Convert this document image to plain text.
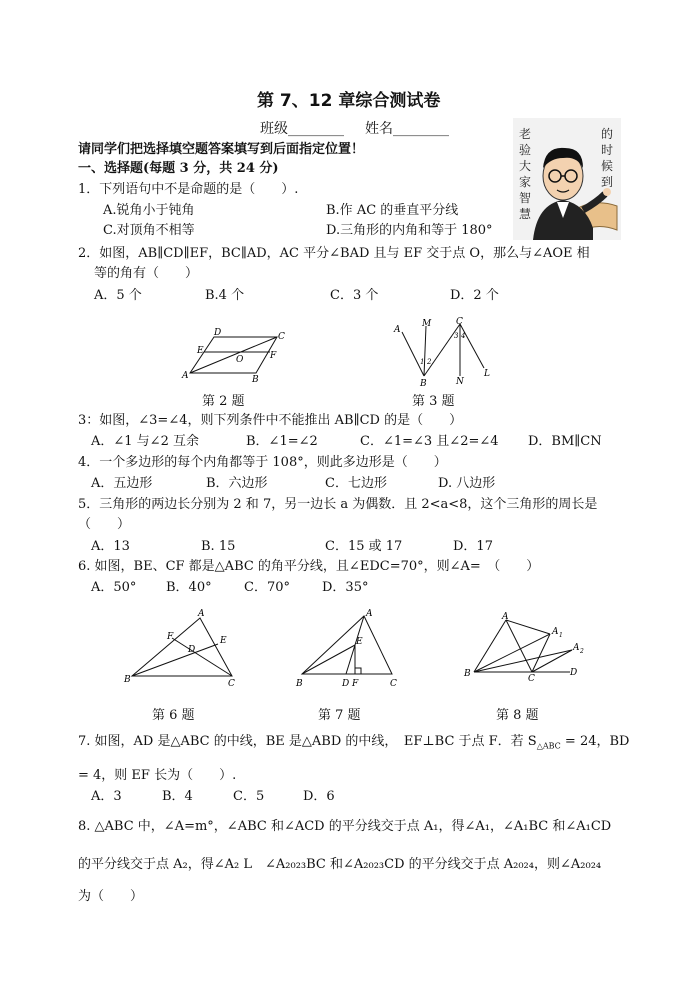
第 7、12 章综合测试卷
班级________ 姓名________	老
验
大
家
智
慧
的
时
候
到
请同学们把选择填空题答案填写到后面指定位置！
一、选择题(每题 3 分，共 24 分)
1．下列语句中不是命题的是（　　）.
A.锐角小于钝角	B.作 AC 的垂直平分线
C.对顶角不相等	D.三角形的内角和等于 180°
2．如图，AB∥CD∥EF，BC∥AD，AC 平分∠BAD 且与 EF 交于点 O，那么与∠AOE 相
等的角有（　　）
A．5 个	B.4 个	C．3 个	D．2 个
A	B
C
D
E	F
O
第 2 题
A
B
C
M
N
L
1 2
3 4
第 3 题
3：如图，∠3=∠4，则下列条件中不能推出 AB∥CD 的是（　　）
A．∠1 与∠2 互余	B．∠1=∠2	C．∠1=∠3 且∠2=∠4 D．BM∥CN
4．一个多边形的每个内角都等于 108°，则此多边形是（　　）
A．五边形	B．六边形	C．七边形	D. 八边形
5．三角形的两边长分别为 2 和 7，另一边长 a 为偶数．且 2<a<8，这个三角形的周长是
（　　）
A．13	B. 15	C．15 或 17	D．17
6. 如图，BE、CF 都是△ABC 的角平分线，且∠EDC=70°，则∠A=　（　　）
A．50° B．40° C．70° D．35°
B	C
A
F	E
D
第 6 题
B	C
A
E
D F
第 7 题
B	C
D
A
A 1
A 2
第 8 题
7. 如图，AD 是△ABC 的中线，BE 是△ABD 的中线，　EF⊥BC 于点 F．若 $S_{\triangle ABC} = 24$，BD
= 4，则 EF 长为（　　）.
A．3	B．4	C．5	D．6
8. △ABC 中，∠A=m°，∠ABC 和∠ACD 的平分线交于点 A₁，得∠A₁，∠A₁BC 和∠A₁CD
的平分线交于点 A₂，得∠A₂ L　∠A₂₀₂₃BC 和∠A₂₀₂₃CD 的平分线交于点 A₂₀₂₄，则∠A₂₀₂₄
为（　　）
